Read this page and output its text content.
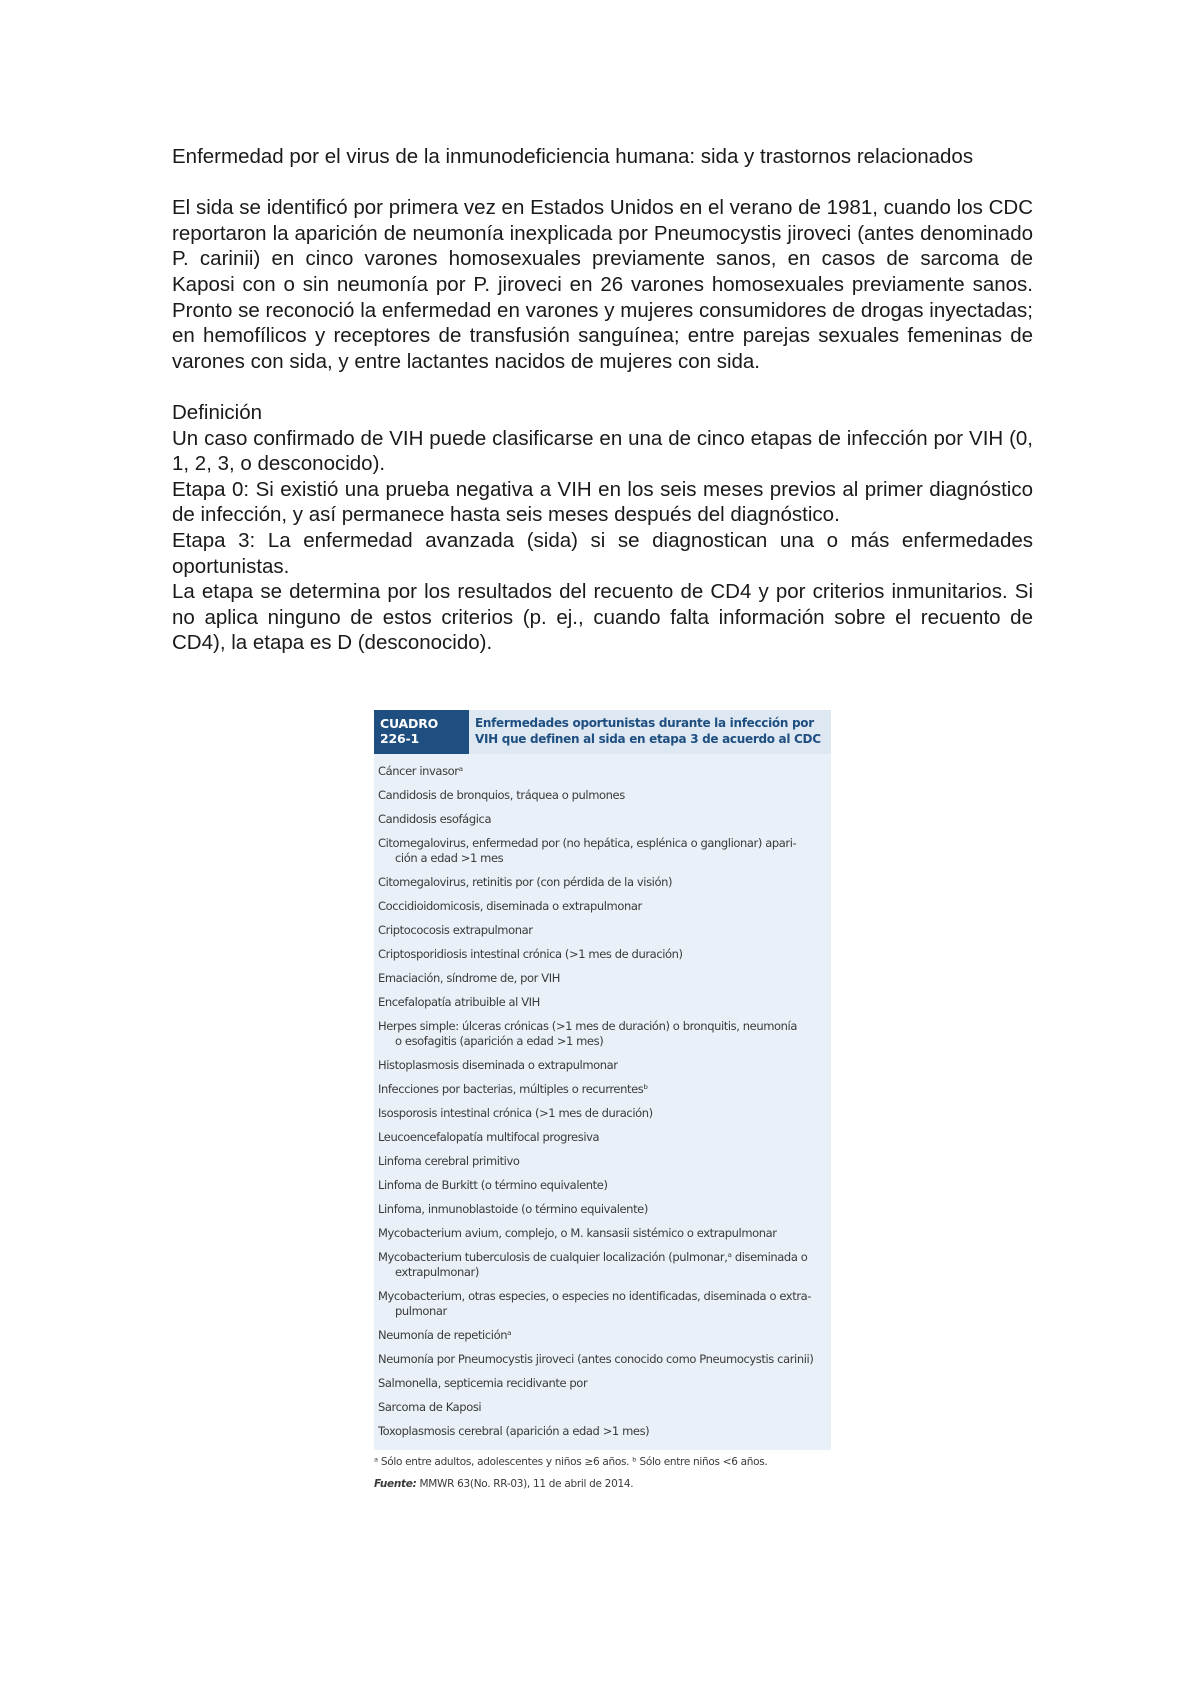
Enfermedad por el virus de la inmunodeficiencia humana: sida y trastornos relacionados

El sida se identificó por primera vez en Estados Unidos en el verano de 1981, cuando los CDC reportaron la aparición de neumonía inexplicada por Pneumocystis jiroveci (antes denominado P. carinii) en cinco varones homosexuales previamente sanos, en casos de sarcoma de Kaposi con o sin neumonía por P. jiroveci en 26 varones homosexuales previamente sanos. Pronto se reconoció la enfermedad en varones y mujeres consumidores de drogas inyectadas; en hemofílicos y receptores de transfusión sanguínea; entre parejas sexuales femeninas de varones con sida, y entre lactantes nacidos de mujeres con sida.

Definición

Un caso confirmado de VIH puede clasificarse en una de cinco etapas de infección por VIH (0, 1, 2, 3, o desconocido).

Etapa 0: Si existió una prueba negativa a VIH en los seis meses previos al primer diagnóstico de infección, y así permanece hasta seis meses después del diagnóstico.

Etapa 3: La enfermedad avanzada (sida) si se diagnostican una o más enfermedades oportunistas.

La etapa se determina por los resultados del recuento de CD4 y por criterios inmunitarios. Si no aplica ninguno de estos criterios (p. ej., cuando falta información sobre el recuento de CD4), la etapa es D (desconocido).

CUADRO 226-1
Enfermedades oportunistas durante la infección por VIH que definen al sida en etapa 3 de acuerdo al CDC
Cáncer invasorᵃ
Candidosis de bronquios, tráquea o pulmones
Candidosis esofágica
Citomegalovirus, enfermedad por (no hepática, esplénica o ganglionar) apari-
ción a edad >1 mes
Citomegalovirus, retinitis por (con pérdida de la visión)
Coccidioidomicosis, diseminada o extrapulmonar
Criptococosis extrapulmonar
Criptosporidiosis intestinal crónica (>1 mes de duración)
Emaciación, síndrome de, por VIH
Encefalopatía atribuible al VIH
Herpes simple: úlceras crónicas (>1 mes de duración) o bronquitis, neumonía
o esofagitis (aparición a edad >1 mes)
Histoplasmosis diseminada o extrapulmonar
Infecciones por bacterias, múltiples o recurrentesᵇ
Isosporosis intestinal crónica (>1 mes de duración)
Leucoencefalopatía multifocal progresiva
Linfoma cerebral primitivo
Linfoma de Burkitt (o término equivalente)
Linfoma, inmunoblastoide (o término equivalente)
Mycobacterium avium, complejo, o M. kansasii sistémico o extrapulmonar
Mycobacterium tuberculosis de cualquier localización (pulmonar,ᵃ diseminada o
extrapulmonar)
Mycobacterium, otras especies, o especies no identificadas, diseminada o extra-
pulmonar
Neumonía de repeticiónᵃ
Neumonía por Pneumocystis jiroveci (antes conocido como Pneumocystis carinii)
Salmonella, septicemia recidivante por
Sarcoma de Kaposi
Toxoplasmosis cerebral (aparición a edad >1 mes)
ᵃ Sólo entre adultos, adolescentes y niños ≥6 años. ᵇ Sólo entre niños <6 años.
Fuente: MMWR 63(No. RR-03), 11 de abril de 2014.
